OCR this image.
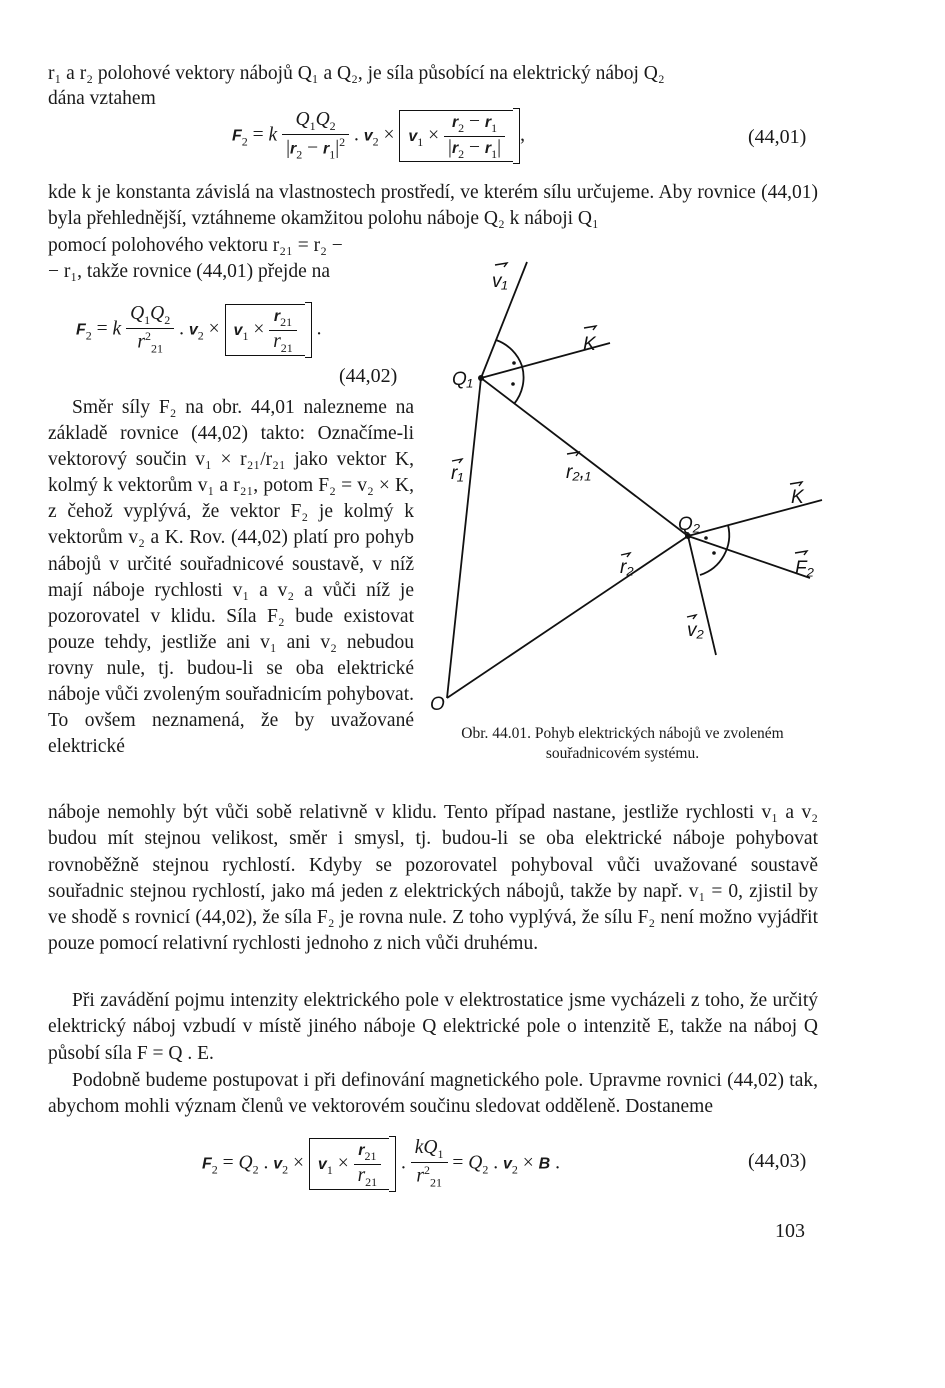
r₁ a r₂ polohové vektory nábojů Q₁ a Q₂, je síla působící na elektrický náboj Q₂
dána vztahem
$F_2 = k \frac{Q_1Q_2}{|r_2 - r_1|^2}$ . $v_2 \times v_1 \times \frac{r_2 - r_1}{|r_2 - r_1|}$ ,	(44,01)
kde k je konstanta závislá na vlastnostech prostředí, ve kterém sílu určujeme. Aby rovnice (44,01) byla přehlednější, vztáhneme okamžitou polohu náboje Q₂ k náboji Q₁
pomocí polohového vektoru r₂₁ = r₂ −
− r₁, takže rovnice (44,01) přejde na
$F_2 = k \frac{Q_1Q_2}{r^2_{21}}$ . $v_2 \times v_1 \times \frac{r_{21}}{r_{21}}$ .
(44,02)

Směr síly F₂ na obr. 44,01 nalezneme na základě rovnice (44,02) takto: Označíme-li vektorový součin v₁ × r₂₁/r₂₁ jako vektor K, kolmý k vektorům v₁ a r₂₁, potom F₂ = v₂ × K, z čehož vyplývá, že vektor F₂ je kolmý k vektorům v₂ a K. Rov. (44,02) platí pro pohyb nábojů v určité souřadnicové soustavě, v níž mají náboje rychlosti v₁ a v₂ a vůči níž je pozorovatel v klidu. Síla F₂ bude existovat pouze tehdy, jestliže ani v₁ ani v₂ nebudou rovny nule, tj. budou-li se oba elektrické náboje vůči zvoleným souřadnicím pohybovat. To ovšem neznamená, že by uvažované elektrické

náboje nemohly být vůči sobě relativně v klidu. Tento případ nastane, jestliže rychlosti v₁ a v₂ budou mít stejnou velikost, směr i smysl, tj. budou-li se oba elektrické náboje pohybovat rovnoběžně stejnou rychlostí. Kdyby se pozorovatel pohyboval vůči uvažované soustavě souřadnic stejnou rychlostí, jako má jeden z elektrických nábojů, takže by např. v₁ = 0, zjistil by ve shodě s rovnicí (44,02), že síla F₂ je rovna nule. Z toho vyplývá, že sílu F₂ není možno vyjádřit pouze pomocí relativní rychlosti jednoho z nich vůči druhému.

Při zavádění pojmu intenzity elektrického pole v elektrostatice jsme vycházeli z toho, že určitý elektrický náboj vzbudí v místě jiného náboje Q elektrické pole o intenzitě E, takže na náboj Q působí síla F = Q . E.

Podobně budeme postupovat i při definování magnetického pole. Upravme rovnici (44,02) tak, abychom mohli význam členů ve vektorovém součinu sledovat odděleně. Dostaneme

$F_2 = Q_2$ . $v_2 \times v_1 \times \frac{r_{21}}{r_{21}}$ . $\frac{kQ_1}{r^2_{21}} = Q_2$ . $v_2 \times B$ .	(44,03)
v₁
K
Q₁
r₁	r₂,₁
K
Q₂
r₂	F₂
v₂
O
Obr. 44.01. Pohyb elektrických nábojů ve zvoleném souřadnicovém systému.
103
